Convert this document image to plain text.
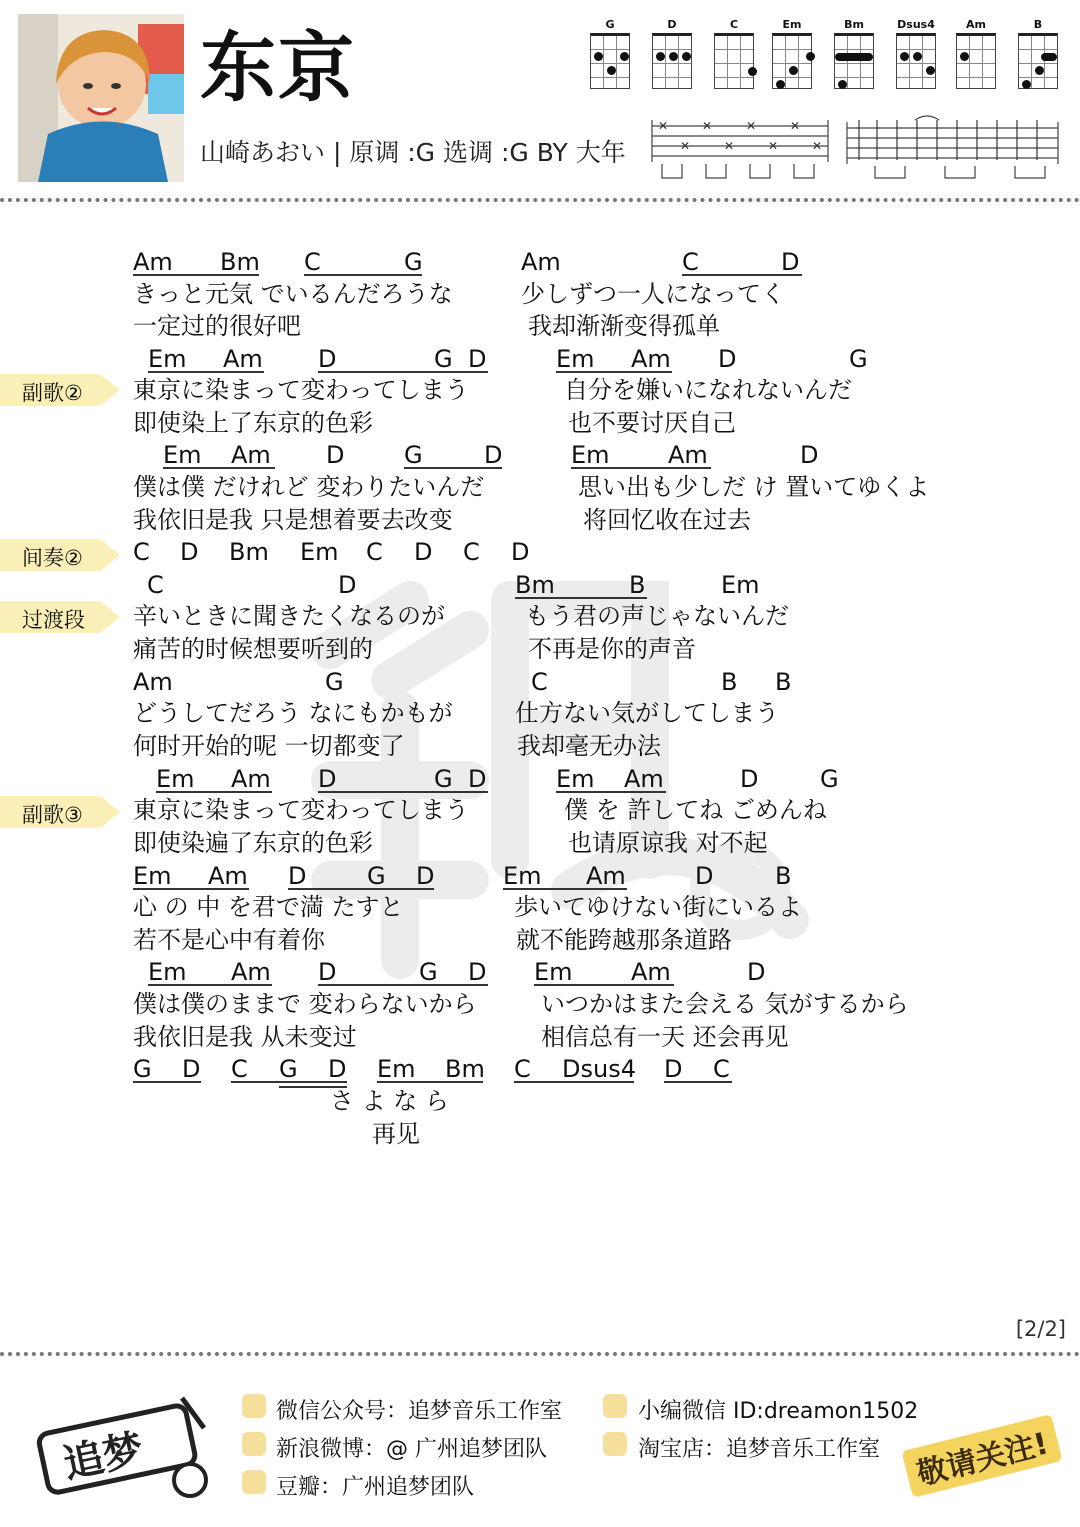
东京
山崎あおい | 原调 :G 选调 :G BY 大年
G	D	C	Em	Bm	Dsus4	Am	B
✕
✕
✕
✕
✕
✕
✕
✕
副歌②
间奏②
过渡段
副歌③
Am Bm C	G	Am	C	D
きっと元気 でいるんだろうな	少しずつ一人になってく
一定过的很好吧	我却渐渐变得孤单
Em Am D	G D	Em Am D	G
東京に染まって変わってしまう	自分を嫌いになれないんだ
即使染上了东京的色彩	也不要讨厌自己
Em Am D G	D	Em Am	D
僕は僕 だけれど 変わりたいんだ	思い出も少しだ け 置いてゆくよ
我依旧是我 只是想着要去改变	将回忆收在过去
C D Bm Em C D C D
C	D	Bm	B	Em
辛いときに聞きたくなるのが	もう君の声じゃないんだ
痛苦的时候想要听到的	不再是你的声音
Am	G	C	B B
どうしてだろう なにもかもが	仕方ない気がしてしまう
何时开始的呢 一切都变了	我却毫无办法
Em Am D	G D	Em Am	D	G
東京に染まって変わってしまう	僕 を 許してね ごめんね
即使染遍了东京的色彩	也请原谅我 对不起
Em Am D	G D	Em Am	D	B
心 の 中 を君で満 たすと	歩いてゆけない街にいるよ
若不是心中有着你	就不能跨越那条道路
Em Am D	G D Em Am	D
僕は僕のままで 変わらないから	いつかはまた会える 気がするから
我依旧是我 从未变过	相信总有一天 还会再见
G D C G D Em Bm C Dsus4 D C
さ よ な ら
再见
[2/2]
追梦
微信公众号：追梦音乐工作室
新浪微博：@ 广州追梦团队
豆瓣：广州追梦团队
小编微信 ID:dreamon1502
淘宝店：追梦音乐工作室	敬请关注!
